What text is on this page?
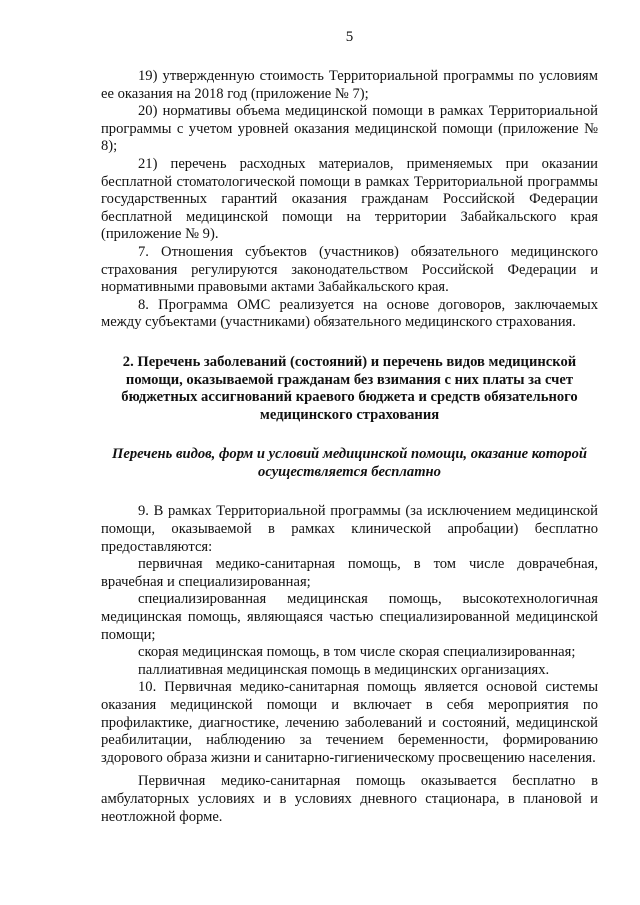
5

19) утвержденную стоимость Территориальной программы по условиям ее оказания на 2018 год (приложение № 7);

20) нормативы объема медицинской помощи в рамках Территориальной программы с учетом уровней оказания медицинской помощи (приложение № 8);

21) перечень расходных материалов, применяемых при оказании бесплатной стоматологической помощи в рамках Территориальной программы государственных гарантий оказания гражданам Российской Федерации бесплатной медицинской помощи на территории Забайкальского края (приложение № 9).

7. Отношения субъектов (участников) обязательного медицинского страхования регулируются законодательством Российской Федерации и нормативными правовыми актами Забайкальского края.

8. Программа ОМС реализуется на основе договоров, заключаемых между субъектами (участниками) обязательного медицинского страхования.

2. Перечень заболеваний (состояний) и перечень видов медицинской помощи, оказываемой гражданам без взимания с них платы за счет бюджетных ассигнований краевого бюджета и средств обязательного медицинского страхования
Перечень видов, форм и условий медицинской помощи, оказание которой осуществляется бесплатно

9. В рамках Территориальной программы (за исключением медицинской помощи, оказываемой в рамках клинической апробации) бесплатно предоставляются:

первичная медико-санитарная помощь, в том числе доврачебная, врачебная и специализированная;

специализированная медицинская помощь, высокотехнологичная медицинская помощь, являющаяся частью специализированной медицинской помощи;

скорая медицинская помощь, в том числе скорая специализированная;

паллиативная медицинская помощь в медицинских организациях.

10. Первичная медико-санитарная помощь является основой системы оказания медицинской помощи и включает в себя мероприятия по профилактике, диагностике, лечению заболеваний и состояний, медицинской реабилитации, наблюдению за течением беременности, формированию здорового образа жизни и санитарно-гигиеническому просвещению населения.

Первичная медико-санитарная помощь оказывается бесплатно в амбулаторных условиях и в условиях дневного стационара, в плановой и неотложной форме.
